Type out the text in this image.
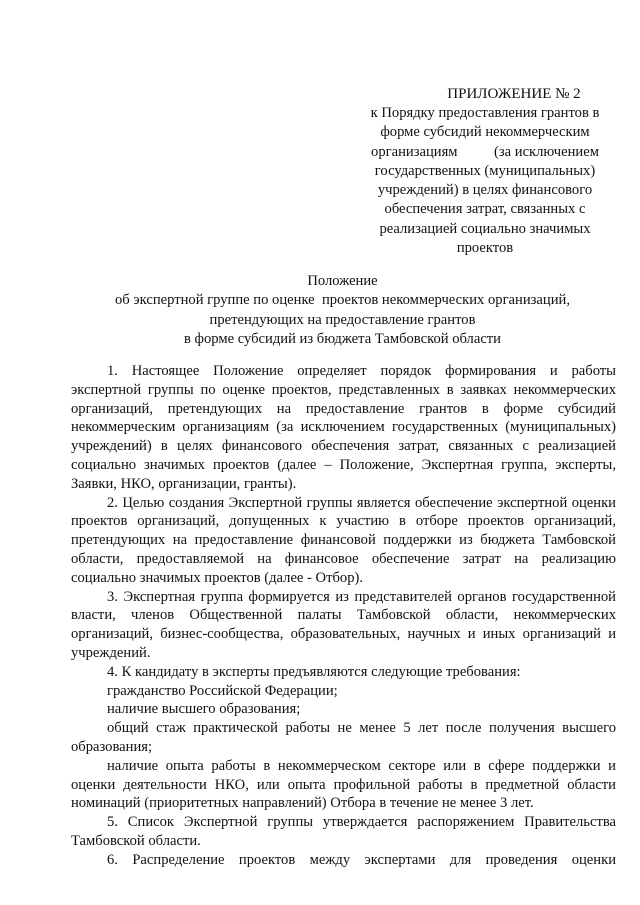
ПРИЛОЖЕНИЕ № 2
к Порядку предоставления грантов в
форме субсидий некоммерческим
организациям          (за исключением
государственных (муниципальных)
учреждений) в целях финансового
обеспечения затрат, связанных с
реализацией социально значимых
проектов
Положение
об экспертной группе по оценке  проектов некоммерческих организаций,
претендующих на предоставление грантов
в форме субсидий из бюджета Тамбовской области

1. Настоящее Положение определяет порядок формирования и работы экспертной группы по оценке проектов, представленных в заявках некоммерческих организаций, претендующих на предоставление грантов в форме субсидий некоммерческим организациям (за исключением государственных (муниципальных) учреждений) в целях финансового обеспечения затрат, связанных с реализацией социально значимых проектов (далее – Положение, Экспертная группа, эксперты, Заявки, НКО, организации, гранты).

2. Целью создания Экспертной группы является обеспечение экспертной оценки проектов организаций, допущенных к участию в отборе проектов организаций, претендующих на предоставление финансовой поддержки из бюджета Тамбовской области, предоставляемой на финансовое обеспечение затрат на реализацию социально значимых проектов (далее - Отбор).

3. Экспертная группа формируется из представителей органов государственной власти, членов Общественной палаты Тамбовской области, некоммерческих организаций, бизнес-сообщества, образовательных, научных и иных организаций и учреждений.

4. К кандидату в эксперты предъявляются следующие требования:

гражданство Российской Федерации;

наличие высшего образования;

общий стаж практической работы не менее 5 лет после получения высшего образования;

наличие опыта работы в некоммерческом секторе или в сфере поддержки и оценки деятельности НКО, или опыта профильной работы в предметной области номинаций (приоритетных направлений) Отбора в течение не менее 3 лет.

5. Список Экспертной группы утверждается распоряжением Правительства Тамбовской области.

6. Распределение проектов между экспертами для проведения оценки
